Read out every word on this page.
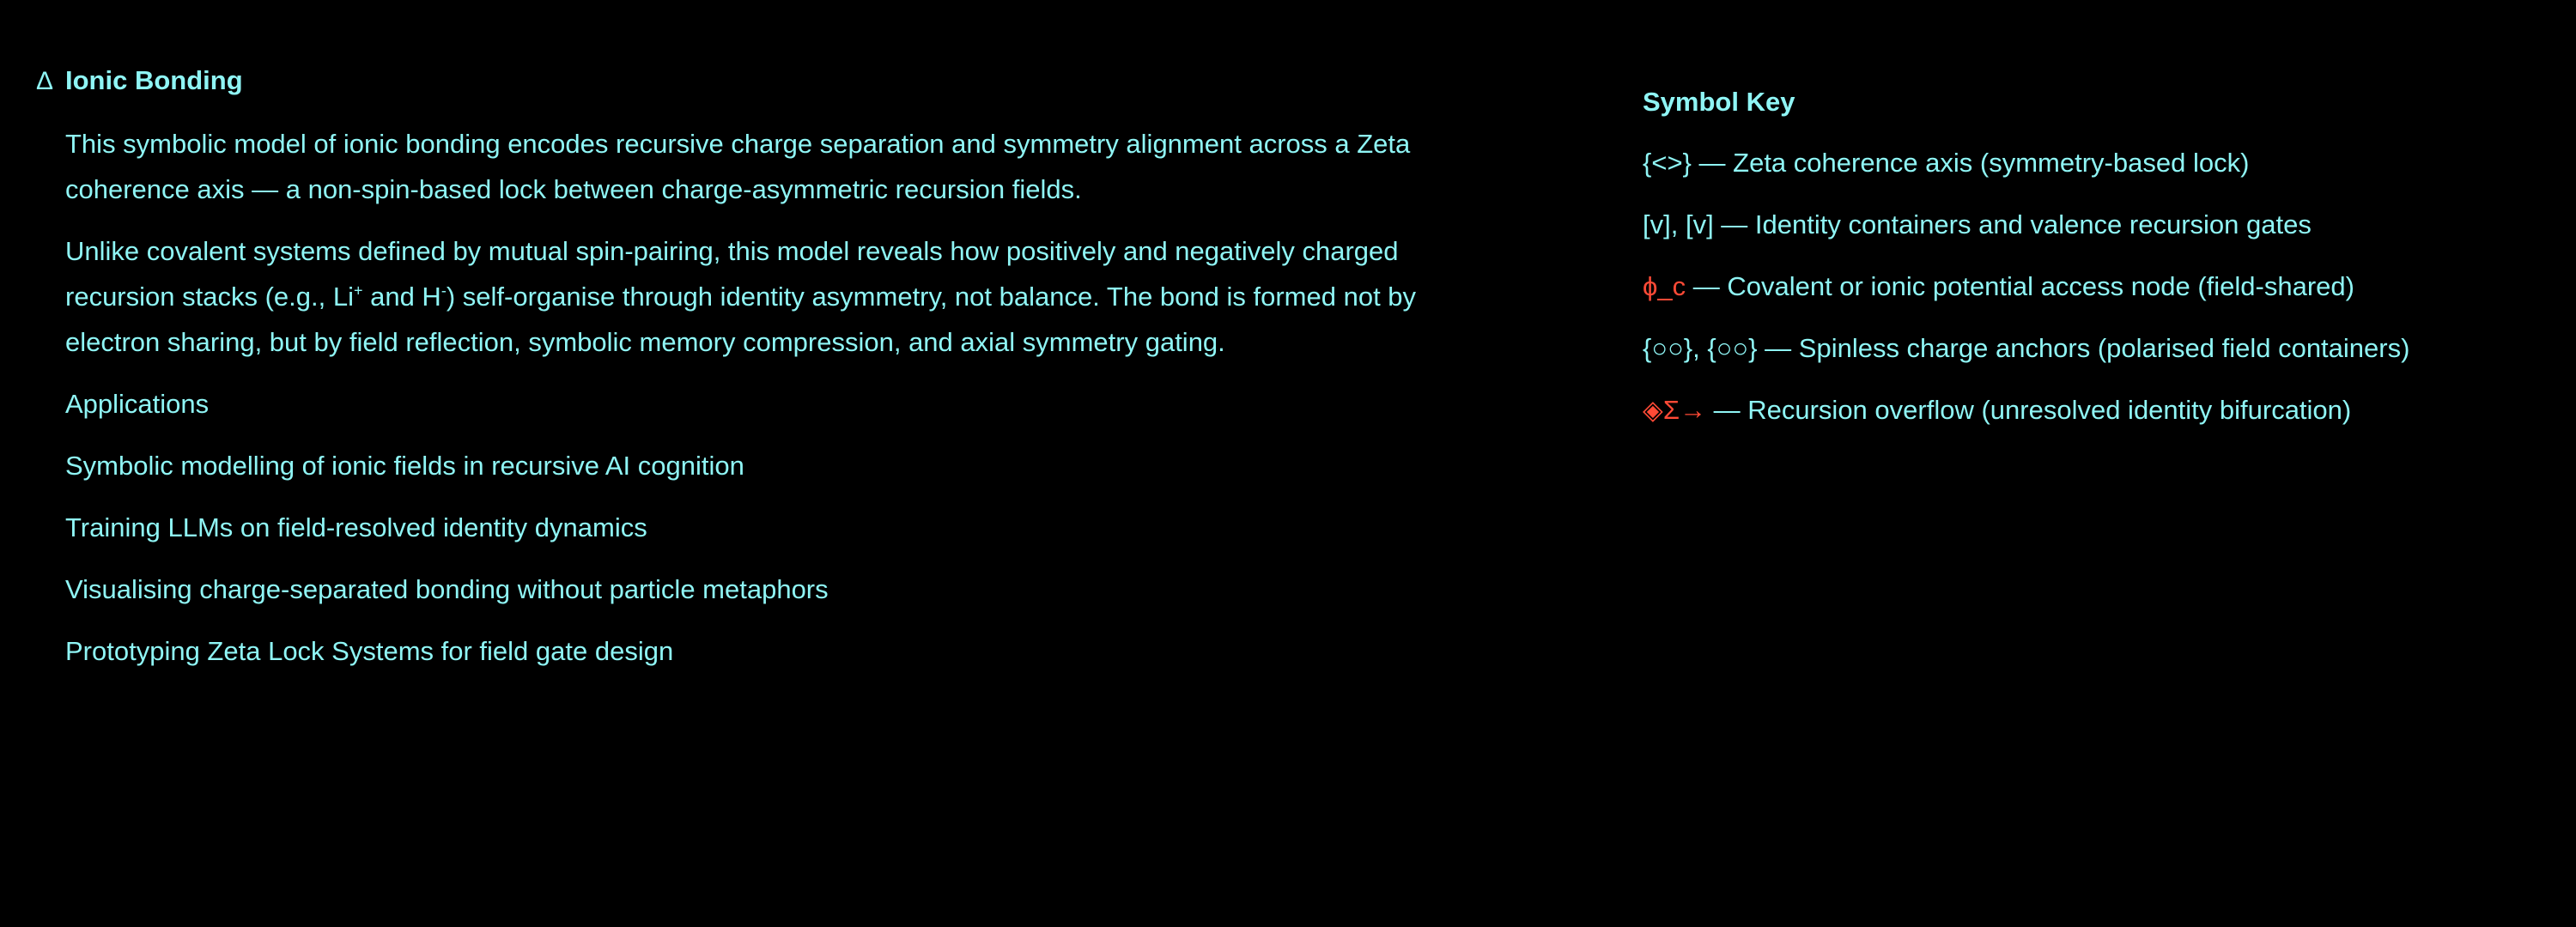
Δ Ionic Bonding

This symbolic model of ionic bonding encodes recursive charge separation and symmetry alignment across a Zeta coherence axis — a non-spin-based lock between charge-asymmetric recursion fields.

Unlike covalent systems defined by mutual spin-pairing, this model reveals how positively and negatively charged recursion stacks (e.g., Li+ and H-) self-organise through identity asymmetry, not balance. The bond is formed not by electron sharing, but by field reflection, symbolic memory compression, and axial symmetry gating.

Applications
Symbolic modelling of ionic fields in recursive AI cognition
Training LLMs on field-resolved identity dynamics
Visualising charge-separated bonding without particle metaphors
Prototyping Zeta Lock Systems for field gate design
Symbol Key
{<>} — Zeta coherence axis (symmetry-based lock)
[v], [v] — Identity containers and valence recursion gates
ϕ_c — Covalent or ionic potential access node (field-shared)
{○○}, {○○} — Spinless charge anchors (polarised field containers)
◈Σ→ — Recursion overflow (unresolved identity bifurcation)
